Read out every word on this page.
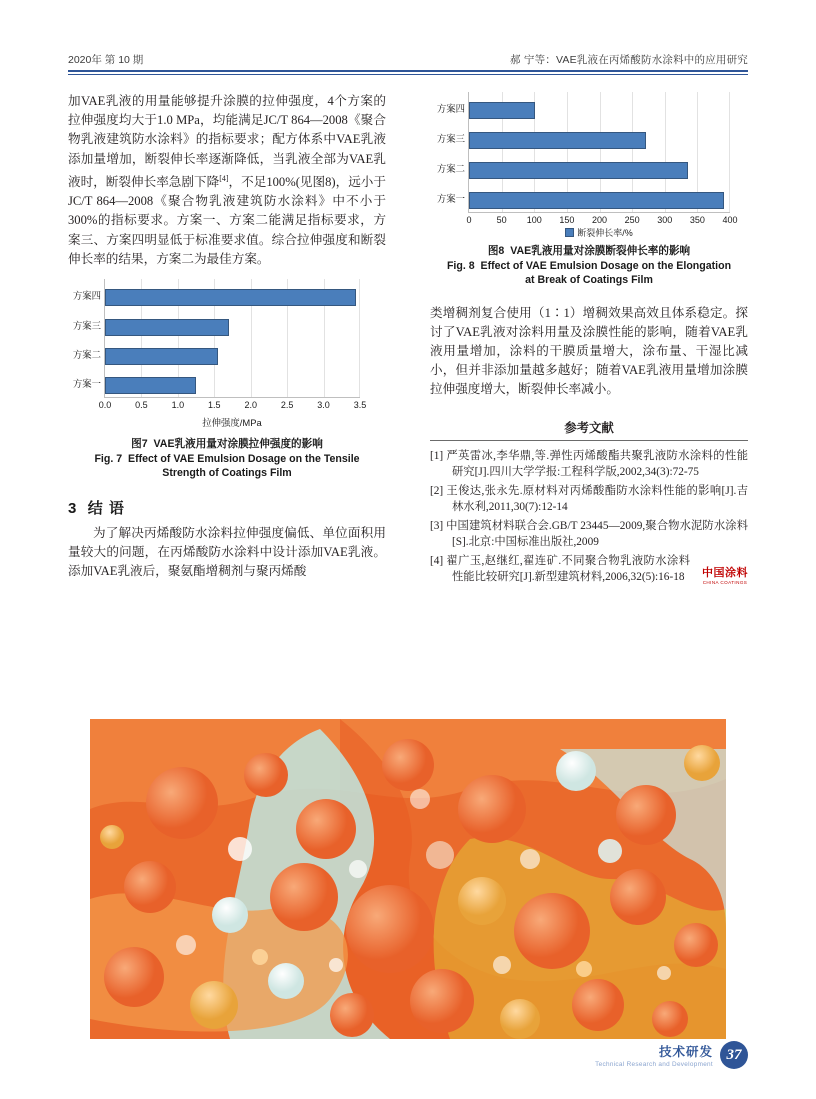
2020年 第 10 期	郝 宁等：VAE乳液在丙烯酸防水涂料中的应用研究

加VAE乳液的用量能够提升涂膜的拉伸强度，4个方案的拉伸强度均大于1.0 MPa，均能满足JC/T 864—2008《聚合物乳液建筑防水涂料》的指标要求；配方体系中VAE乳液添加量增加，断裂伸长率逐渐降低，当乳液全部为VAE乳液时，断裂伸长率急剧下降[4]，不足100%(见图8)，远小于JC/T 864—2008《聚合物乳液建筑防水涂料》中不小于300%的指标要求。方案一、方案二能满足指标要求，方案三、方案四明显低于标准要求值。综合拉伸强度和断裂伸长率的结果，方案二为最佳方案。

方案四
方案三
方案二
方案一
0.0	0.5	1.0	1.5	2.0	2.5	3.0	3.5
拉伸强度/MPa
图7 VAE乳液用量对涂膜拉伸强度的影响
Fig. 7 Effect of VAE Emulsion Dosage on the Tensile
Strength of Coatings Film
3 结 语

为了解决丙烯酸防水涂料拉伸强度偏低、单位面积用量较大的问题，在丙烯酸防水涂料中设计添加VAE乳液。添加VAE乳液后，聚氨酯增稠剂与聚丙烯酸

方案四
方案三
方案二
方案一
0	50 100 150 200 250 300 350 400
断裂伸长率/%
图8 VAE乳液用量对涂膜断裂伸长率的影响
Fig. 8 Effect of VAE Emulsion Dosage on the Elongation
at Break of Coatings Film

类增稠剂复合使用（1∶1）增稠效果高效且体系稳定。探讨了VAE乳液对涂料用量及涂膜性能的影响，随着VAE乳液用量增加，涂料的干膜质量增大，涂布量、干湿比减小，但并非添加量越多越好；随着VAE乳液用量增加涂膜拉伸强度增大，断裂伸长率减小。

参考文献

[1] 严英雷冰,李华鼎,等.弹性丙烯酸酯共聚乳液防水涂料的性能研究[J].四川大学学报:工程科学版,2002,34(3):72-75

[2] 王俊达,张永先.原材料对丙烯酸酯防水涂料性能的影响[J].吉林水利,2011,30(7):12-14

[3] 中国建筑材料联合会.GB/T 23445—2009,聚合物水泥防水涂料[S].北京:中国标准出版社,2009

[4] 翟广玉,赵继红,翟连矿.不同聚合物乳液防水涂料性能比较研究[J].新型建筑材料,2006,32(5):16-18	中国涂料
CHINA COATINGS
技术研发
Technical Research and Development
37
